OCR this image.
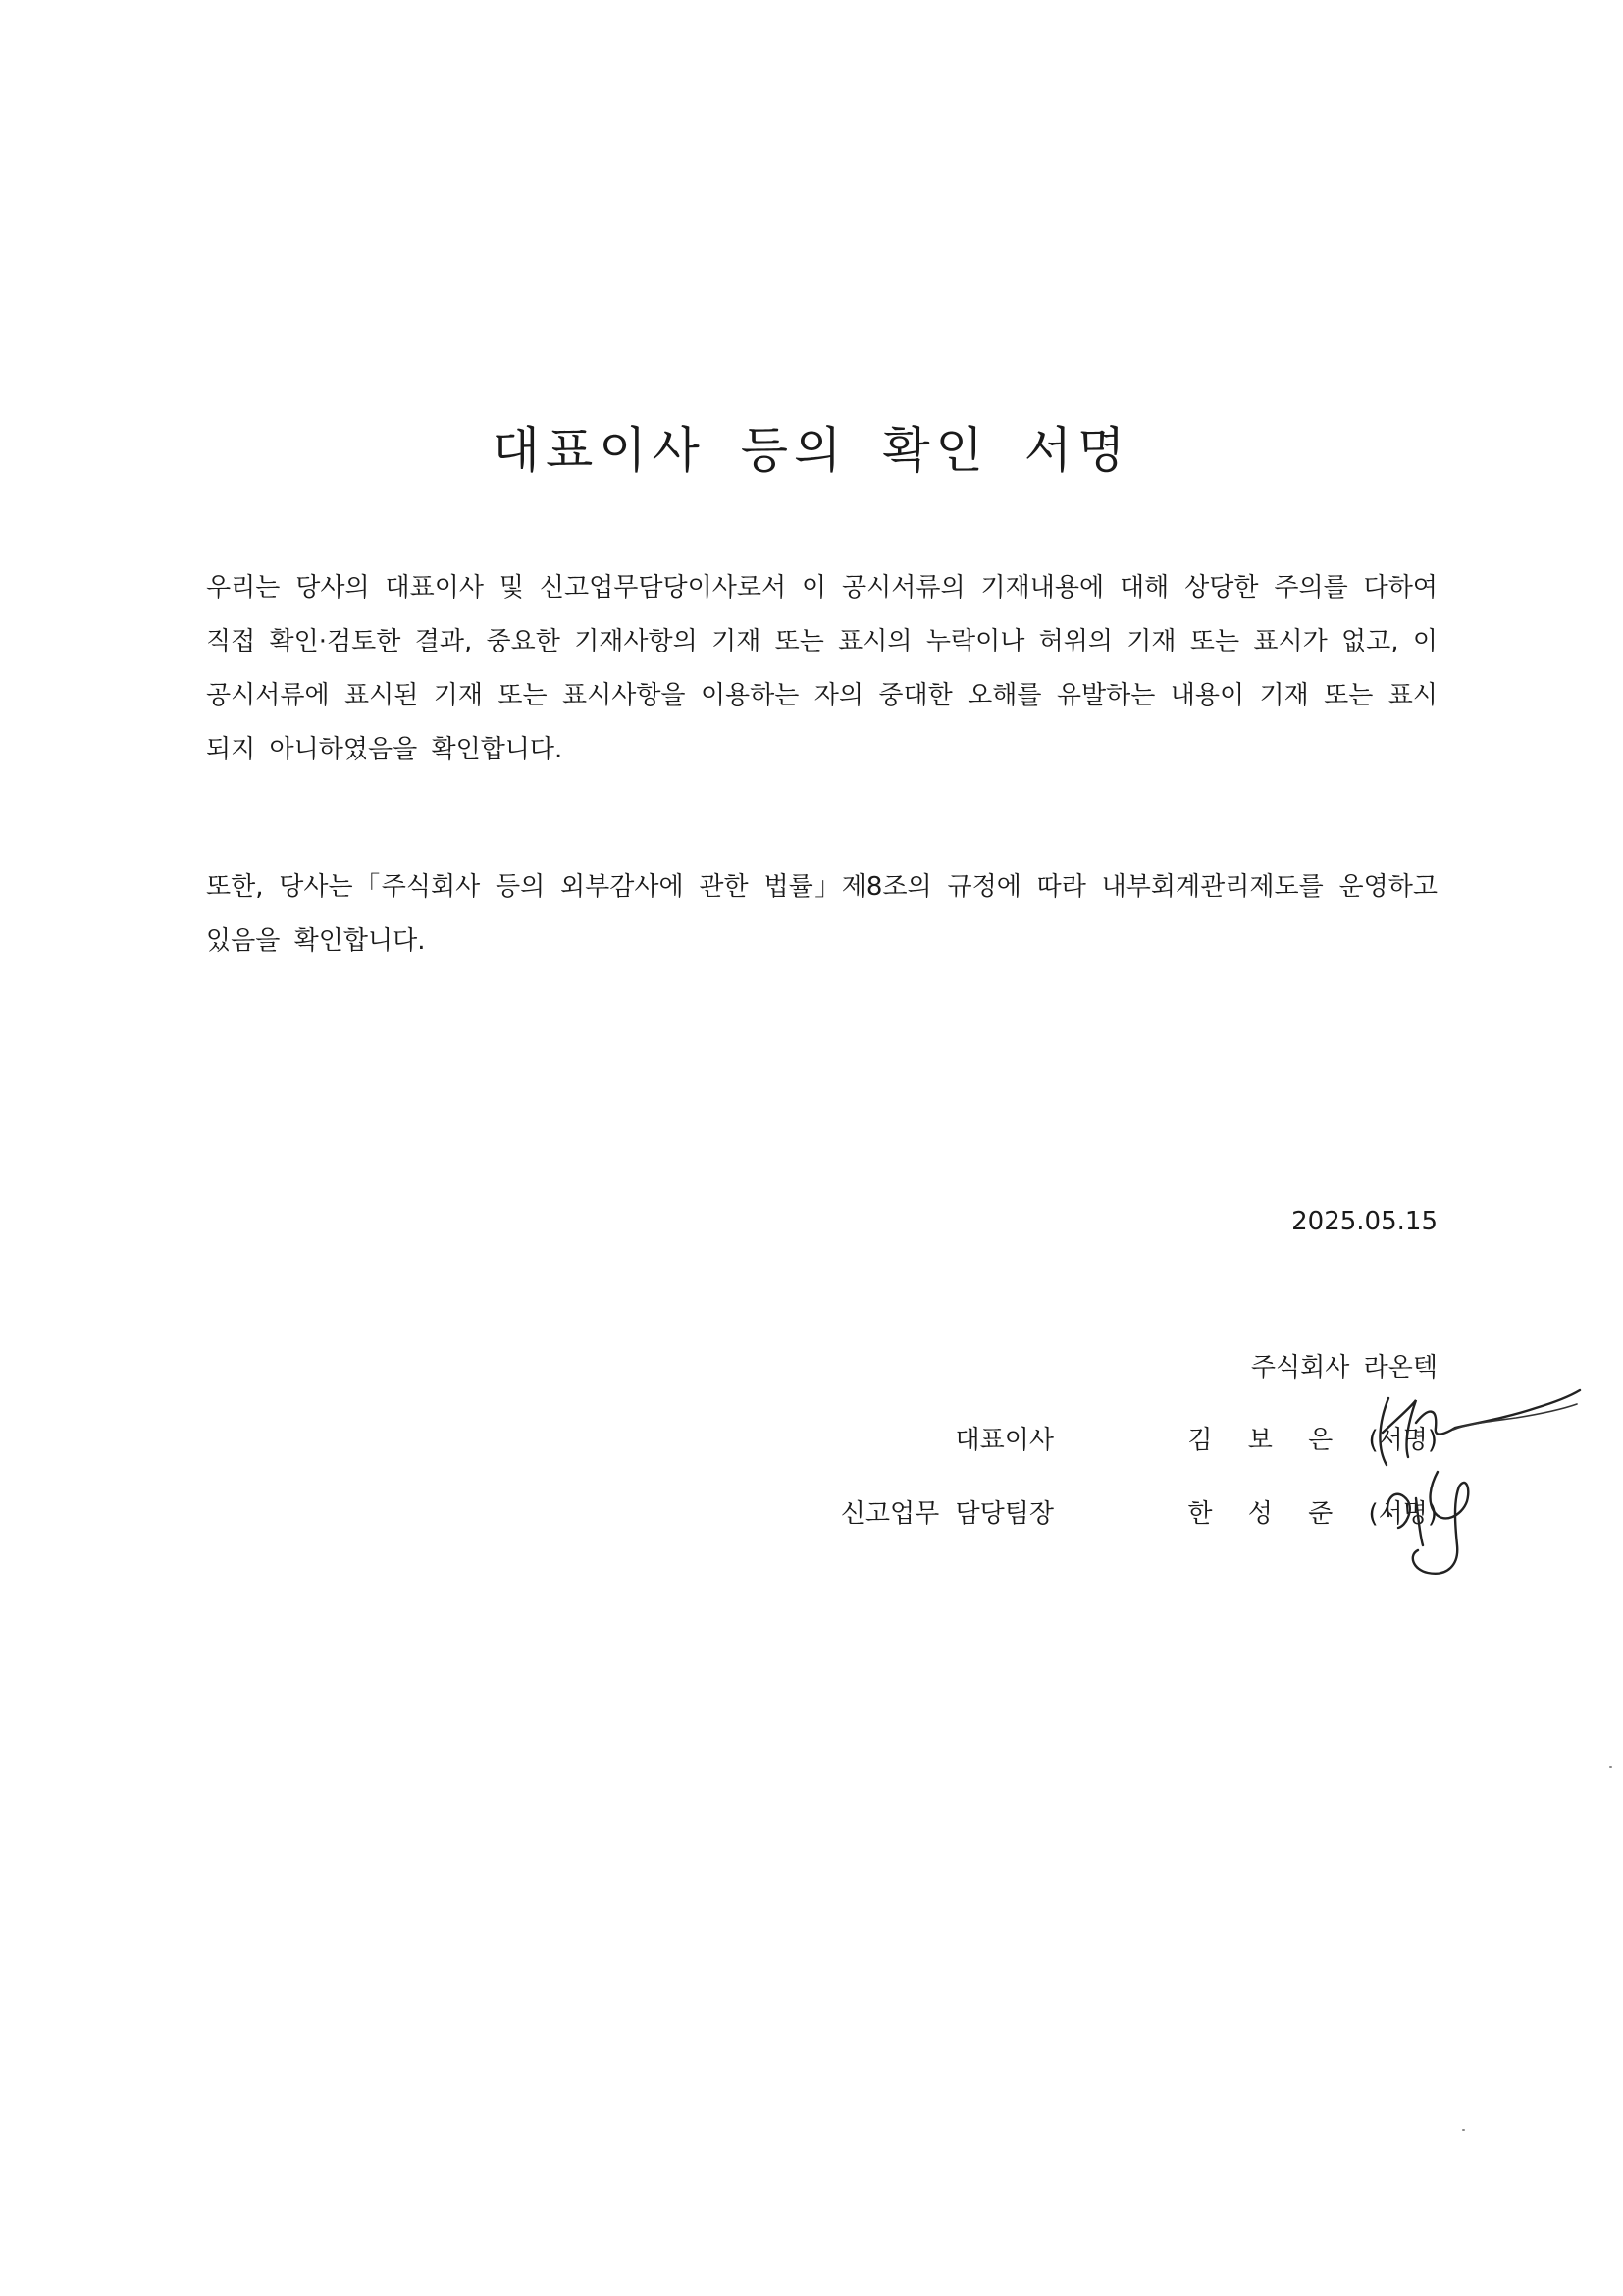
대표이사 등의 확인 서명

우리는 당사의 대표이사 및 신고업무담당이사로서 이 공시서류의 기재내용에 대해 상당한 주의를 다하여 직접 확인·검토한 결과, 중요한 기재사항의 기재 또는 표시의 누락이나 허위의 기재 또는 표시가 없고, 이 공시서류에 표시된 기재 또는 표시사항을 이용하는 자의 중대한 오해를 유발하는 내용이 기재 또는 표시되지 아니하였음을 확인합니다.

또한, 당사는「주식회사 등의 외부감사에 관한 법률」제8조의 규정에 따라 내부회계관리제도를 운영하고 있음을 확인합니다.

2025.05.15
주식회사 라온텍
대표이사	김 보 은 (서명)
신고업무 담당팀장	한 성 준 (서명)
